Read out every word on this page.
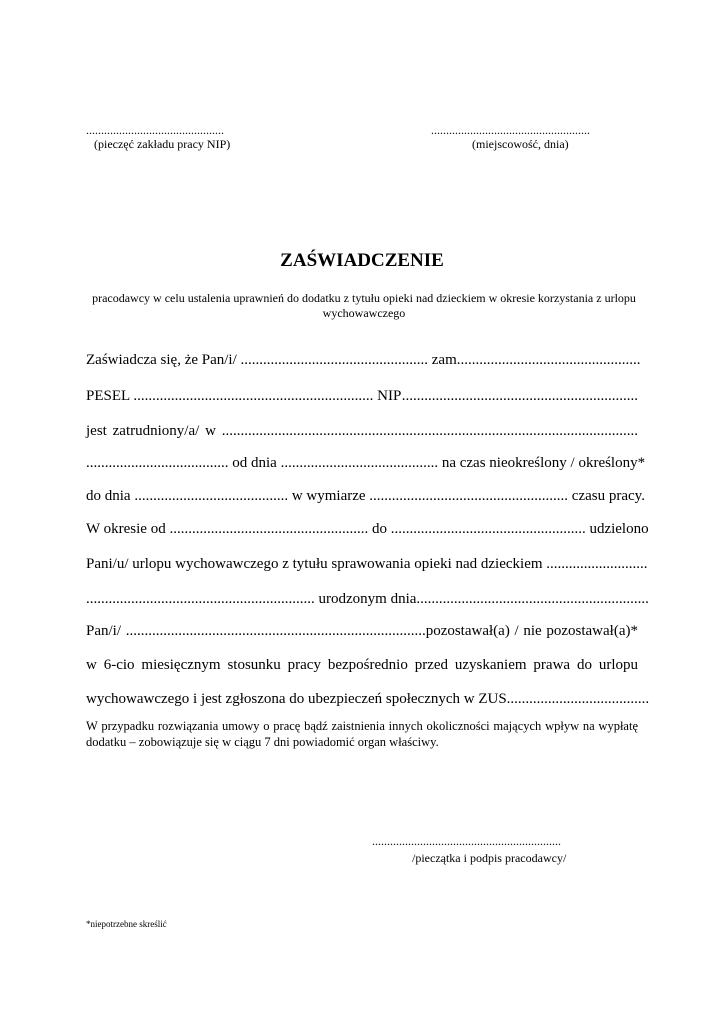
..............................................
(pieczęć zakładu pracy NIP)
.....................................................
(miejscowość, dnia)
ZAŚWIADCZENIE
pracodawcy w celu ustalenia uprawnień do dodatku z tytułu opieki nad dzieckiem w okresie korzystania z urlopu wychowawczego
Zaświadcza się, że Pan/i/ .................................................. zam .................................................
PESEL ................................................................ NIP ...............................................................
jest zatrudniony/a/ w ...............................................................................................................
...................................... od dnia .......................................... na czas nieokreślony / określony*
do dnia ......................................... w wymiarze ..................................................... czasu pracy.
W okresie od ..................................................... do .................................................... udzielono
Pani/u/ urlopu wychowawczego z tytułu sprawowania opieki nad dzieckiem ...........................
............................................................. urodzonym dnia..............................................................
Pan/i/ ................................................................................pozostawał(a) / nie pozostawał(a)*
w 6-cio miesięcznym stosunku pracy bezpośrednio przed uzyskaniem prawa do urlopu
wychowawczego i jest zgłoszona do ubezpieczeń społecznych w ZUS......................................
W przypadku rozwiązania umowy o pracę bądź zaistnienia innych okoliczności mających wpływ na wypłatę dodatku – zobowiązuje się w ciągu 7 dni powiadomić organ właściwy.
...............................................................
/pieczątka i podpis pracodawcy/
*niepotrzebne skreślić
